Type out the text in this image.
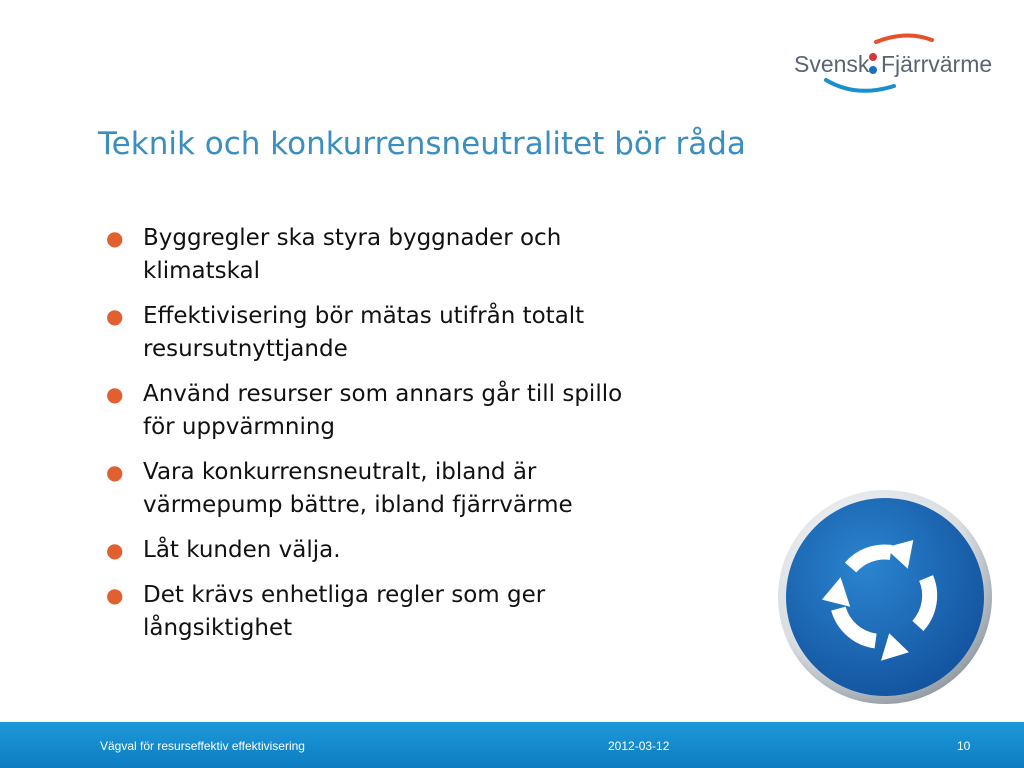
Svensk Fjärrvärme
Teknik och konkurrensneutralitet bör råda
● Byggregler ska styra byggnader och
klimatskal
● Effektivisering bör mätas utifrån totalt
resursutnyttjande
● Använd resurser som annars går till spillo
för uppvärmning
● Vara konkurrensneutralt, ibland är
värmepump bättre, ibland fjärrvärme
● Låt kunden välja.
● Det krävs enhetliga regler som ger
långsiktighet
Vägval för resurseffektiv effektivisering	2012-03-12	10
